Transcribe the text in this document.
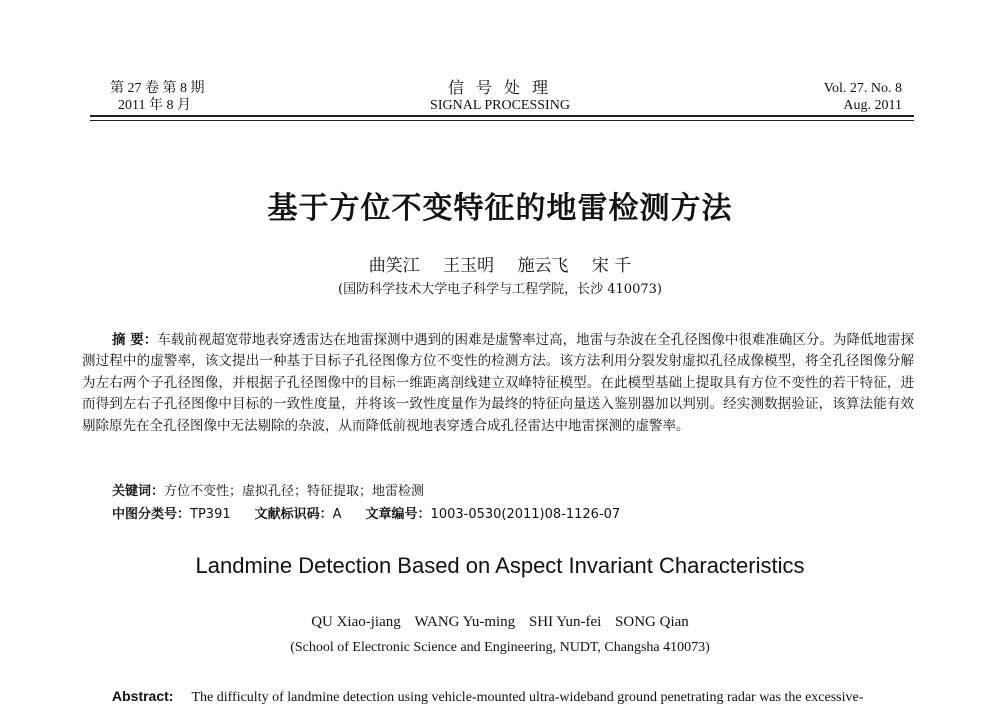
第 27 卷 第 8 期
2011 年 8 月
信 号 处 理
SIGNAL PROCESSING
Vol. 27. No. 8
Aug. 2011
基于方位不变特征的地雷检测方法
曲笑江 王玉明 施云飞 宋 千
(国防科学技术大学电子科学与工程学院，长沙 410073)
摘 要：车载前视超宽带地表穿透雷达在地雷探测中遇到的困难是虚警率过高，地雷与杂波在全孔径图像中很难准确区分。为降低地雷探测过程中的虚警率，该文提出一种基于目标子孔径图像方位不变性的检测方法。该方法利用分裂发射虚拟孔径成像模型，将全孔径图像分解为左右两个子孔径图像，并根据子孔径图像中的目标一维距离剖线建立双峰特征模型。在此模型基础上提取具有方位不变性的若干特征，进而得到左右子孔径图像中目标的一致性度量，并将该一致性度量作为最终的特征向量送入鉴别器加以判别。经实测数据验证，该算法能有效剔除原先在全孔径图像中无法剔除的杂波，从而降低前视地表穿透合成孔径雷达中地雷探测的虚警率。
关键词：方位不变性；虚拟孔径；特征提取；地雷检测
中图分类号：TP391 文献标识码：A 文章编号：1003-0530(2011)08-1126-07
Landmine Detection Based on Aspect Invariant Characteristics
QU Xiao-jiang WANG Yu-ming SHI Yun-fei SONG Qian
(School of Electronic Science and Engineering, NUDT, Changsha 410073)
Abstract: The difficulty of landmine detection using vehicle-mounted ultra-wideband ground penetrating radar was the excessive-
